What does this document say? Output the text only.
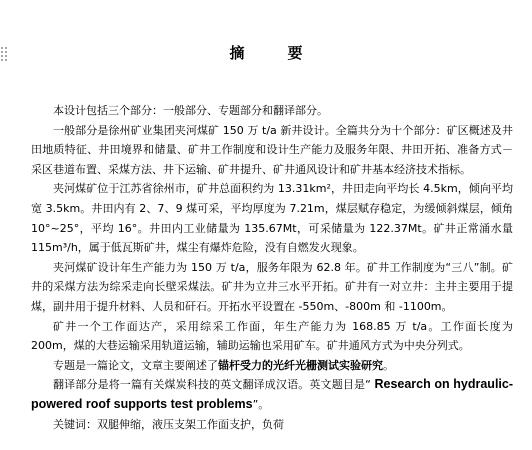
摘　要

本设计包括三个部分：一般部分、专题部分和翻译部分。

一般部分是徐州矿业集团夹河煤矿 150 万 t/a 新井设计。全篇共分为十个部分：矿区概述及井田地质特征、井田境界和储量、矿井工作制度和设计生产能力及服务年限、井田开拓、准备方式－采区巷道布置、采煤方法、井下运输、矿井提升、矿井通风设计和矿井基本经济技术指标。

夹河煤矿位于江苏省徐州市，矿井总面积约为 13.31km²，井田走向平均长 4.5km，倾向平均宽 3.5km。井田内有 2、7、9 煤可采，平均厚度为 7.21m，煤层赋存稳定，为缓倾斜煤层，倾角 10°~25°，平均 16°。井田内工业储量为 135.67Mt，可采储量为 122.37Mt。矿井正常涌水量 115m³/h，属于低瓦斯矿井，煤尘有爆炸危险，没有自燃发火现象。

夹河煤矿设计年生产能力为 150 万 t/a，服务年限为 62.8 年。矿井工作制度为“三八”制。矿井的采煤方法为综采走向长壁采煤法。矿井为立井三水平开拓。矿井有一对立井：主井主要用于提煤，副井用于提升材料、人员和矸石。开拓水平设置在 -550m、-800m 和 -1100m。

矿井一个工作面达产，采用综采工作面，年生产能力为 168.85 万 t/a。工作面长度为 200m，煤的大巷运输采用轨道运输，辅助运输也采用矿车。矿井通风方式为中央分列式。

专题是一篇论文，文章主要阐述了锚杆受力的光纤光栅测试实验研究。

翻译部分是将一篇有关煤炭科技的英文翻译成汉语。英文题目是“ Research on hydraulic-powered roof supports test problems”。

关键词：双腿伸缩，液压支架工作面支护，负荷
